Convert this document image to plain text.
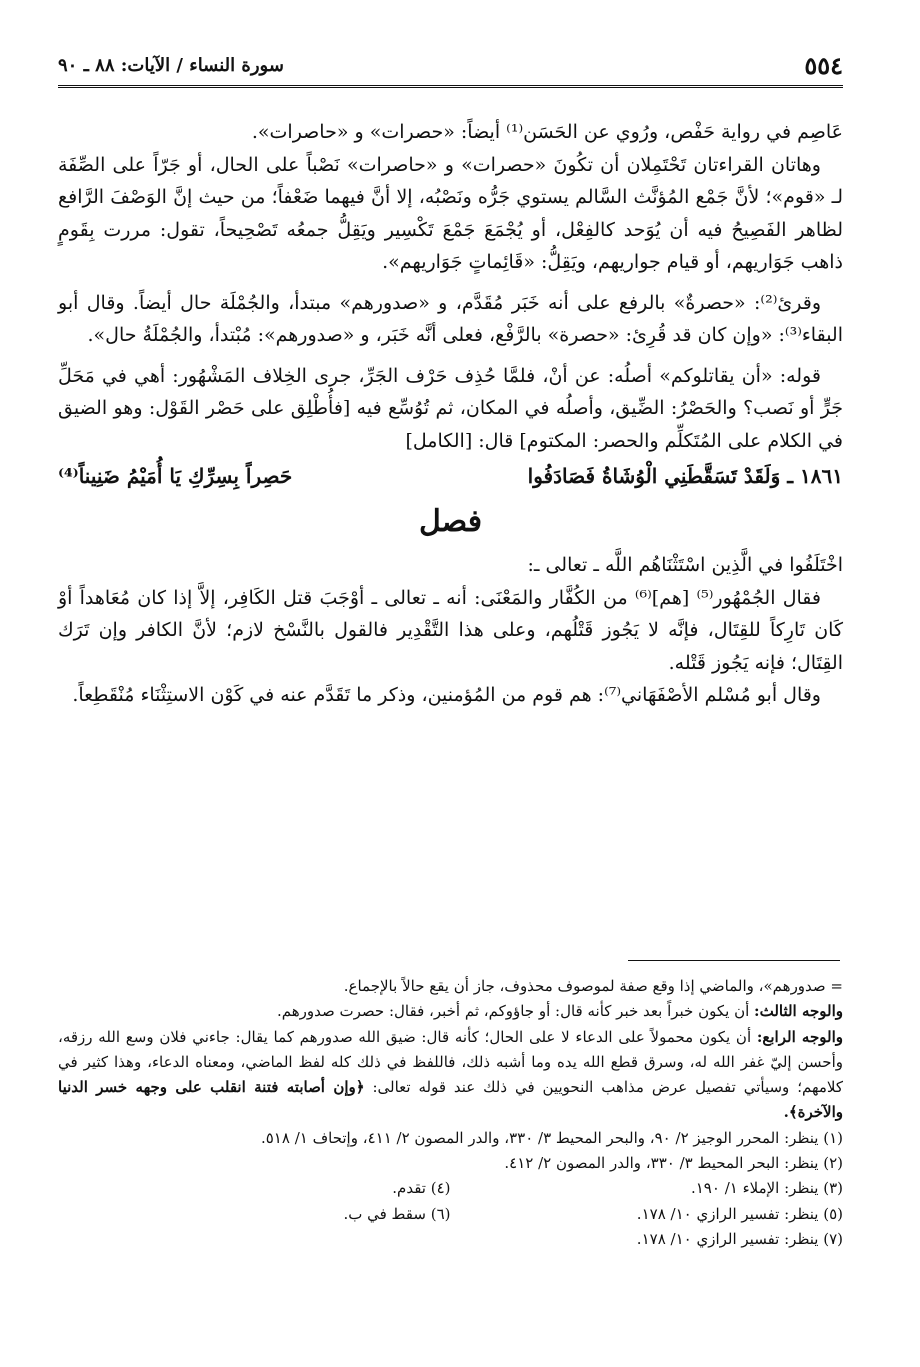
سورة النساء / الآيات: ٨٨ ـ ٩٠	٥٥٤

عَاصِم في رواية حَفْص، ورُوي عن الحَسَن⁽¹⁾ أيضاً: «حصرات» و «حاصرات».

وهاتان القراءتان تَحْتَمِلان أن تكُونَ «حصرات» و «حاصرات» نَصْباً على الحال، أو جَرّاً على الصِّفَة لـ «قوم»؛ لأنَّ جَمْع المُؤنَّث السَّالم يستوي جَرُّه ونَصْبُه، إلا أنَّ فيهما ضَعْفاً؛ من حيث إنَّ الوَصْفَ الرَّافع لظاهر الفَصِيحُ فيه أن يُوَحد كالفِعْل، أو يُجْمَعَ جَمْعَ تَكْسِير ويَقِلُّ جمعُه تَصْحِيحاً، تقول: مررت بِقَومٍ ذاهب جَوَاريهم، أو قيام جواريهم، ويَقِلُّ: «قَائِماتٍ جَوَاريهم».

وقرئ⁽²⁾: «حصرةٌ» بالرفع على أنه خَبَر مُقَدَّم، و «صدورهم» مبتدأ، والجُمْلَة حال أيضاً. وقال أبو البقاء⁽³⁾: «وإن كان قد قُرِئ: «حصرة» بالرَّفْع، فعلى أنَّه خَبَر، و «صدورهم»: مُبْتدأ، والجُمْلَةُ حال».

قوله: «أن يقاتلوكم» أصلُه: عن أنْ، فلمَّا حُذِف حَرْف الجَرِّ، جرى الخِلاف المَشْهُور: أهي في مَحَلِّ جَرٍّ أو نَصب؟ والحَصْرُ: الضِّيق، وأصلُه في المكان، ثم تُوُسِّع فيه [فأُطْلِق على حَصْر القَوْل: وهو الضيق في الكلام على المُتَكلِّم والحصر: المكتوم] قال: [الكامل]

١٨٦١ ـ وَلَقَدْ تَسَقَّطَنِي الْوُشَاةُ فَصَادَفُوا
حَصِراً بِسِرِّكِ يَا أُمَيْمُ ضَنِيناً⁽⁴⁾
فصل

اخْتَلَفُوا في الَّذِين اسْتَثْنَاهُم اللَّه ـ تعالى ـ:

فقال الجُمْهُور⁽⁵⁾ [هم]⁽⁶⁾ من الكُفَّار والمَعْنَى: أنه ـ تعالى ـ أوْجَبَ قتل الكَافِر، إلاَّ إذا كان مُعَاهداً أوْ كَان تَارِكاً للقِتَال، فإنَّه لا يَجُوز قَتْلُهم، وعلى هذا التَّقْدِير فالقول بالنَّسْخ لازم؛ لأنَّ الكافر وإن تَرَك القِتَال؛ فإنه يَجُوز قَتْله.

وقال أبو مُسْلم الأصْفَهَاني⁽⁷⁾: هم قوم من المُؤمنين، وذكر ما تَقَدَّم عنه في كَوْن الاستِثْنَاء مُنْقَطِعاً.

= صدورهم»، والماضي إذا وقع صفة لموصوف محذوف، جاز أن يقع حالاً بالإجماع.

والوجه الثالث: أن يكون خبراً بعد خبر كأنه قال: أو جاؤوكم، ثم أخبر، فقال: حصرت صدورهم.

والوجه الرابع: أن يكون محمولاً على الدعاء لا على الحال؛ كأنه قال: ضيق الله صدورهم كما يقال: جاءني فلان وسع الله رزقه، وأحسن إليّ غفر الله له، وسرق قطع الله يده وما أشبه ذلك، فاللفظ في ذلك كله لفظ الماضي، ومعناه الدعاء، وهذا كثير في كلامهم؛ وسيأتي تفصيل عرض مذاهب النحويين في ذلك عند قوله تعالى: ﴿وإن أصابته فتنة انقلب على وجهه خسر الدنيا والآخرة﴾.

(١) ينظر: المحرر الوجيز ٢/ ٩٠، والبحر المحيط ٣/ ٣٣٠، والدر المصون ٢/ ٤١١، وإتحاف ١/ ٥١٨.

(٢) ينظر: البحر المحيط ٣/ ٣٣٠، والدر المصون ٢/ ٤١٢.

(٣) ينظر: الإملاء ١/ ١٩٠.
(٤) تقدم.
(٥) ينظر: تفسير الرازي ١٠/ ١٧٨.
(٦) سقط في ب.

(٧) ينظر: تفسير الرازي ١٠/ ١٧٨.
